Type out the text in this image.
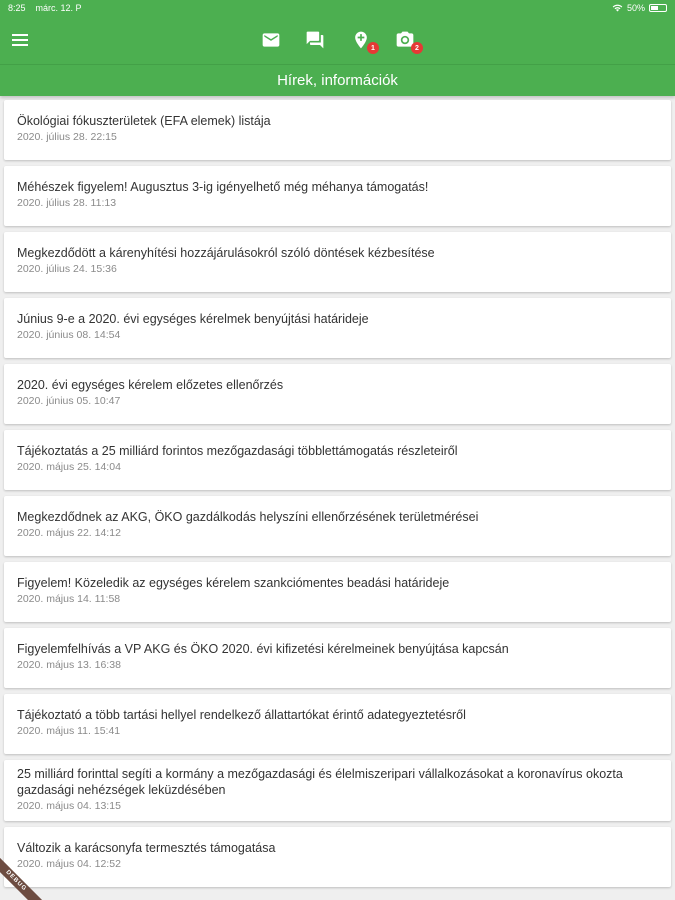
8:25 márc. 12. P	50%
1	2
Hírek, információk
Ökológiai fókuszterületek (EFA elemek) listája
2020. július 28. 22:15
Méhészek figyelem! Augusztus 3-ig igényelhető még méhanya támogatás!
2020. július 28. 11:13
Megkezdődött a kárenyhítési hozzájárulásokról szóló döntések kézbesítése
2020. július 24. 15:36
Június 9-e a 2020. évi egységes kérelmek benyújtási határideje
2020. június 08. 14:54
2020. évi egységes kérelem előzetes ellenőrzés
2020. június 05. 10:47
Tájékoztatás a 25 milliárd forintos mezőgazdasági többlettámogatás részleteiről
2020. május 25. 14:04
Megkezdődnek az AKG, ÖKO gazdálkodás helyszíni ellenőrzésének területmérései
2020. május 22. 14:12
Figyelem! Közeledik az egységes kérelem szankciómentes beadási határideje
2020. május 14. 11:58
Figyelemfelhívás a VP AKG és ÖKO 2020. évi kifizetési kérelmeinek benyújtása kapcsán
2020. május 13. 16:38
Tájékoztató a több tartási hellyel rendelkező állattartókat érintő adategyeztetésről
2020. május 11. 15:41
25 milliárd forinttal segíti a kormány a mezőgazdasági és élelmiszeripari vállalkozásokat a koronavírus okozta gazdasági nehézségek leküzdésében
2020. május 04. 13:15
Változik a karácsonyfa termesztés támogatása
2020. május 04. 12:52
DEBUG
